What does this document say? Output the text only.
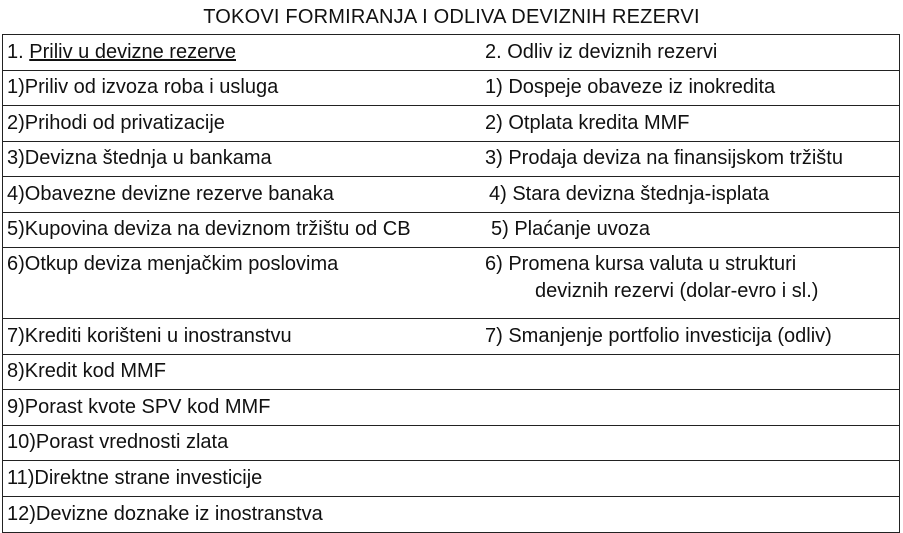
TOKOVI FORMIRANJA I ODLIVA DEVIZNIH REZERVI
1. Priliv u devizne rezerve	2. Odliv iz deviznih rezervi
1)Priliv od izvoza roba i usluga	1) Dospeje obaveze iz inokredita
2)Prihodi od privatizacije	2) Otplata kredita MMF
3)Devizna štednja u bankama	3) Prodaja deviza na finansijskom tržištu
4)Obavezne devizne rezerve banaka	4) Stara devizna štednja-isplata
5)Kupovina deviza na deviznom tržištu od CB	5) Plaćanje uvoza
6)Otkup deviza menjačkim poslovima	6) Promena kursa valuta u strukturi
deviznih rezervi (dolar-evro i sl.)
7)Krediti korišteni u inostranstvu	7) Smanjenje portfolio investicija (odliv)
8)Kredit kod MMF
9)Porast kvote SPV kod MMF
10)Porast vrednosti zlata
11)Direktne strane investicije
12)Devizne doznake iz inostranstva
